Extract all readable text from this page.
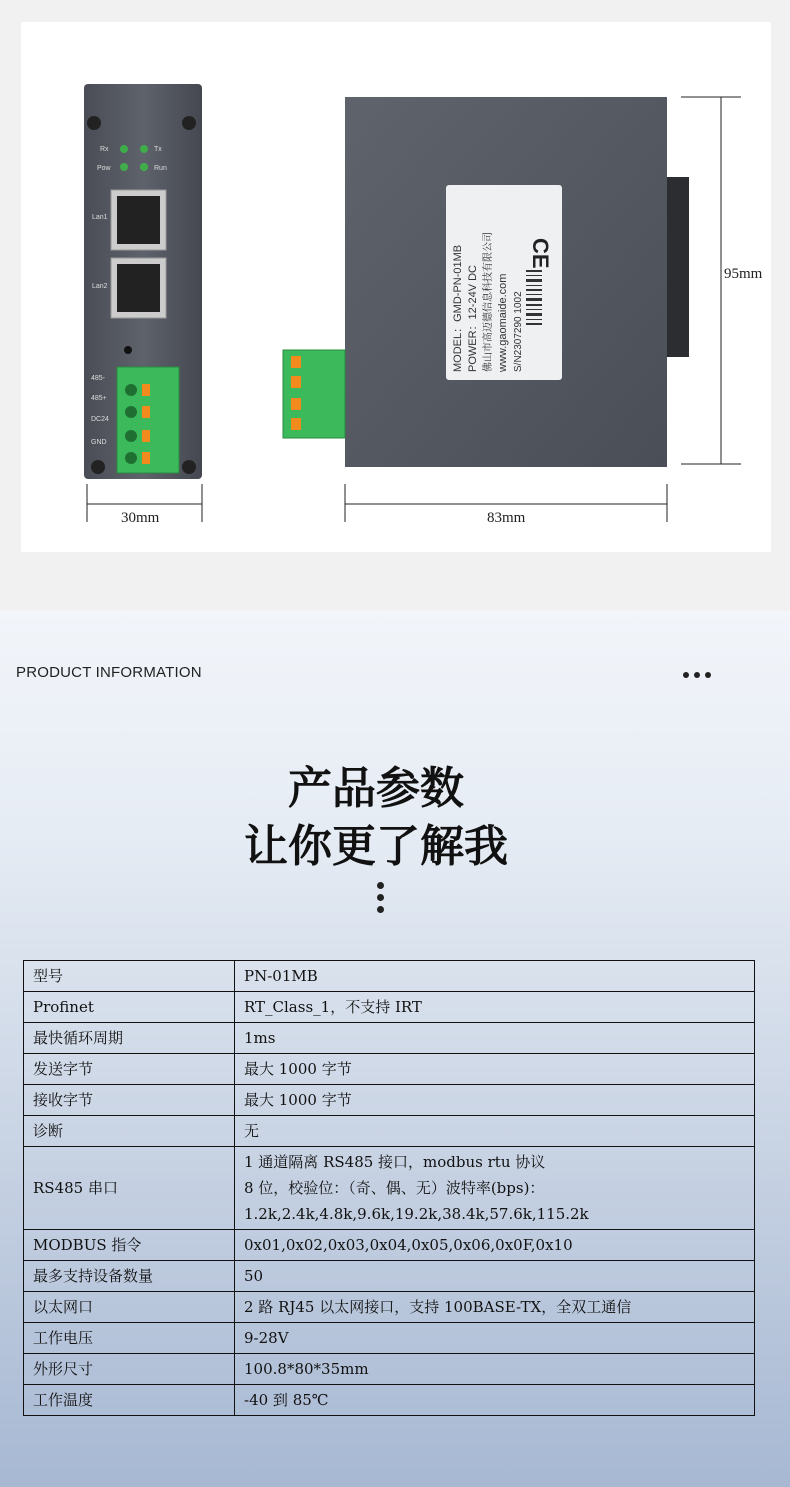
Rx	Tx
Pow	Run
Lan1
Lan2
485-
485+
DC24
GND
MODEL：GMD-PN-01MB POWER：12-24V DC 佛山市高迈德信息科技有限公司 www.gaomaide.com S/N2307290 1002
CE
30mm	83mm
95mm
PRODUCT INFORMATION
产品参数
让你更了解我
型号	PN-01MB

Profinet	RT_Class_1，不支持 IRT

最快循环周期	1ms

发送字节	最大 1000 字节

接收字节	最大 1000 字节

诊断	无

RS485 串口	1 通道隔离 RS485 接口，modbus rtu 协议
8 位，校验位：（奇、偶、无）波特率(bps)：
1.2k,2.4k,4.8k,9.6k,19.2k,38.4k,57.6k,115.2k

MODBUS 指令	0x01,0x02,0x03,0x04,0x05,0x06,0x0F,0x10

最多支持设备数量	50

以太网口	2 路 RJ45 以太网接口，支持 100BASE-TX，全双工通信

工作电压	9-28V

外形尺寸	100.8*80*35mm

工作温度	-40 到 85℃
